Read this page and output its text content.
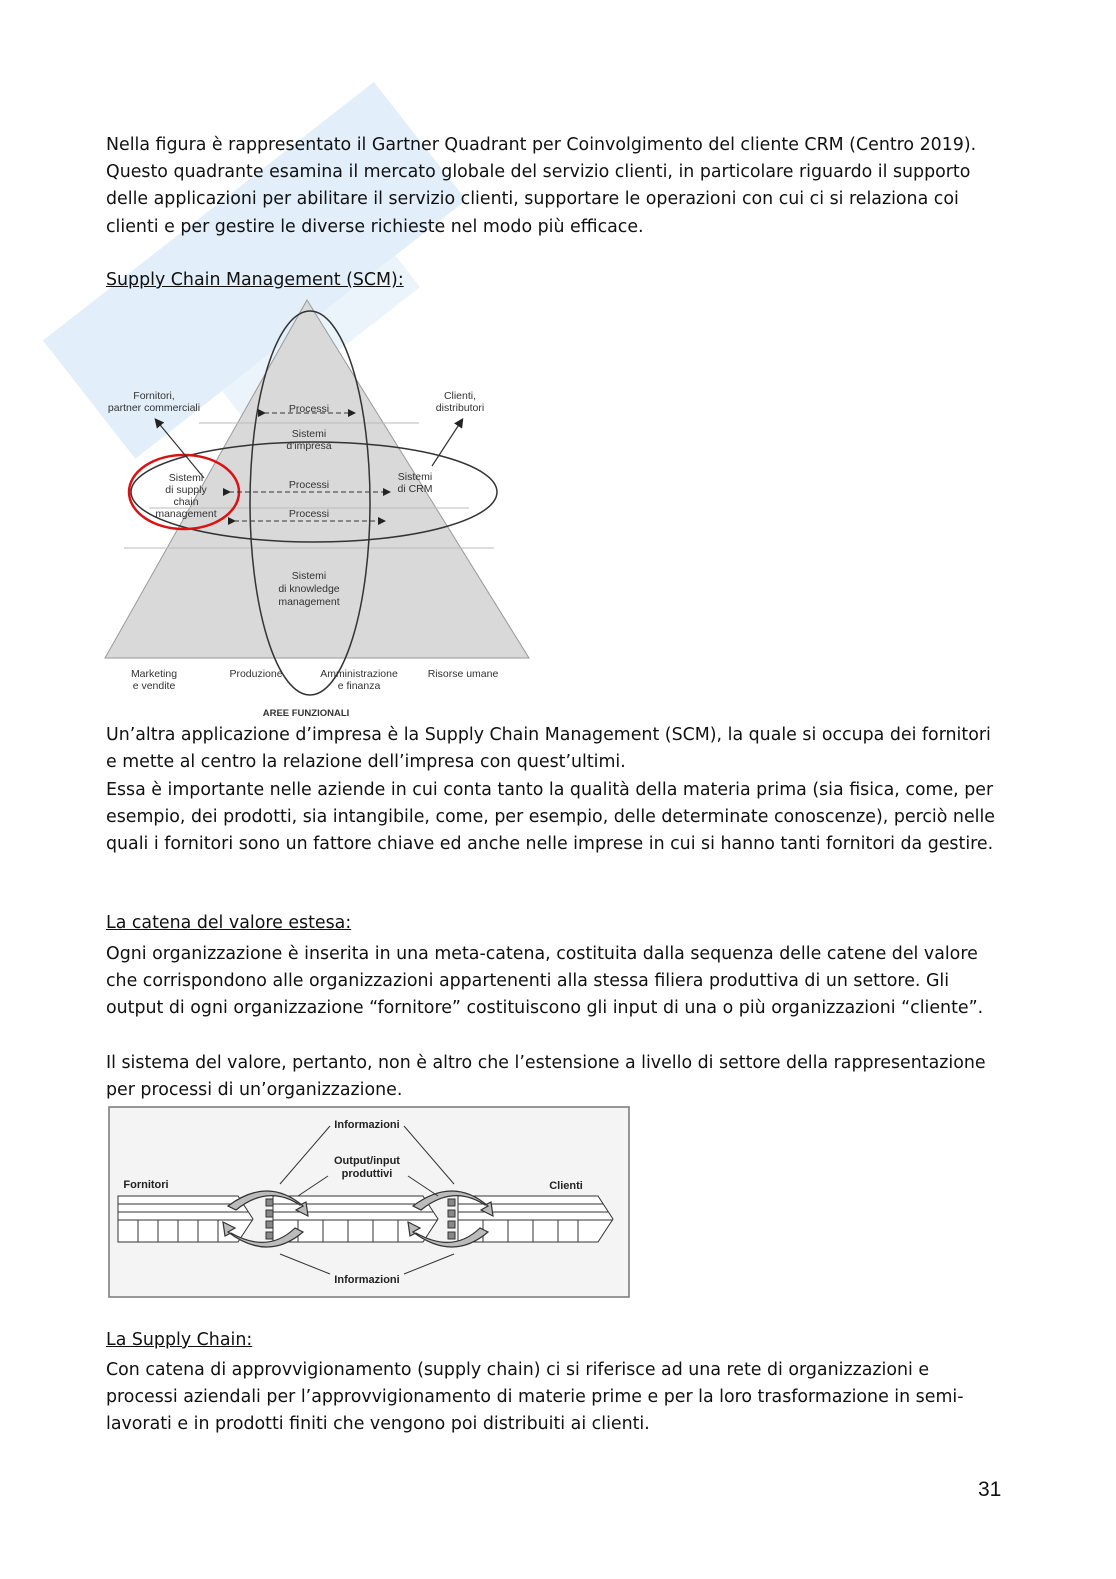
Nella figura è rappresentato il Gartner Quadrant per Coinvolgimento del cliente CRM (Centro 2019). Questo quadrante esamina il mercato globale del servizio clienti, in particolare riguardo il supporto delle applicazioni per abilitare il servizio clienti, supportare le operazioni con cui ci si relaziona coi clienti e per gestire le diverse richieste nel modo più efficace.

Supply Chain Management (SCM):

Fornitori,
partner commerciali
Clienti,
distributori
Processi
Sistemi
d'impresa
Sistemi
di supply
chain
management
Processi
Processi
Sistemi
di CRM
Sistemi
di knowledge
management
Marketing
e vendite
Produzione	Amministrazione
e finanza
Risorse umane
AREE FUNZIONALI

Un’altra applicazione d’impresa è la Supply Chain Management (SCM), la quale si occupa dei fornitori e mette al centro la relazione dell’impresa con quest’ultimi.

Essa è importante nelle aziende in cui conta tanto la qualità della materia prima (sia fisica, come, per esempio, dei prodotti, sia intangibile, come, per esempio, delle determinate conoscenze), perciò nelle quali i fornitori sono un fattore chiave ed anche nelle imprese in cui si hanno tanti fornitori da gestire.

La catena del valore estesa:

Ogni organizzazione è inserita in una meta-catena, costituita dalla sequenza delle catene del valore che corrispondono alle organizzazioni appartenenti alla stessa filiera produttiva di un settore. Gli output di ogni organizzazione “fornitore” costituiscono gli input di una o più organizzazioni “cliente”.

Il sistema del valore, pertanto, non è altro che l’estensione a livello di settore della rappresentazione per processi di un’organizzazione.

Informazioni
Output/input
produttivi
Fornitori	Clienti
Informazioni

La Supply Chain:

Con catena di approvvigionamento (supply chain) ci si riferisce ad una rete di organizzazioni e processi aziendali per l’approvvigionamento di materie prime e per la loro trasformazione in semi-lavorati e in prodotti finiti che vengono poi distribuiti ai clienti.

31
